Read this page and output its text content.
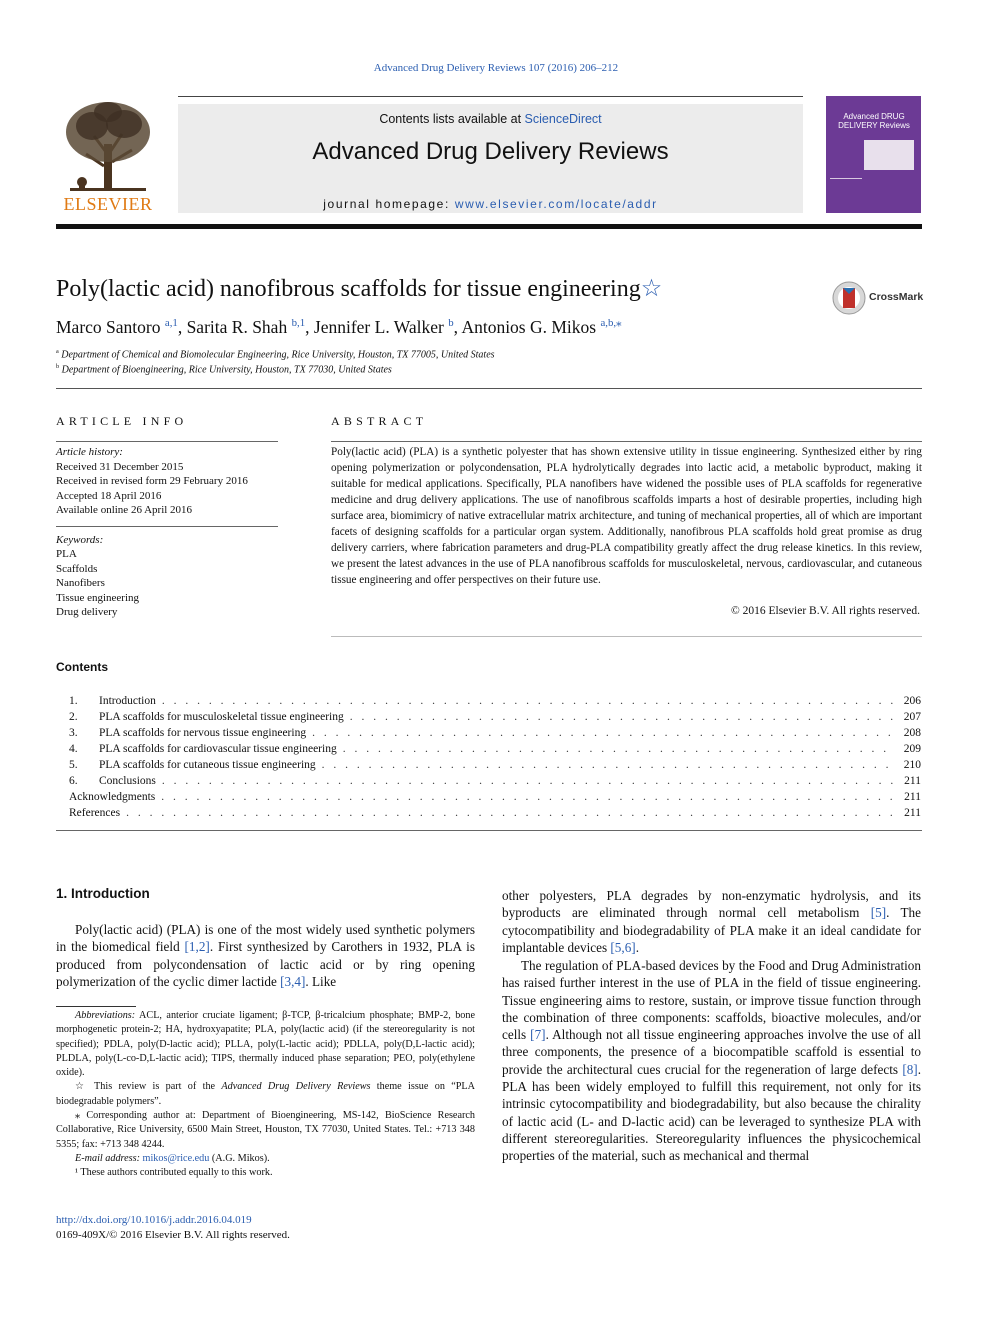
Advanced Drug Delivery Reviews 107 (2016) 206–212
ELSEVIER
Contents lists available at ScienceDirect
Advanced Drug Delivery Reviews
journal homepage: www.elsevier.com/locate/addr
Advanced DRUG DELIVERY Reviews
Poly(lactic acid) nanofibrous scaffolds for tissue engineering☆	CrossMark
Marco Santoro $^{a,1}$, Sarita R. Shah $^{b,1}$, Jennifer L. Walker $^b$, Antonios G. Mikos $^{a,b,⁎}$
$^a$ Department of Chemical and Biomolecular Engineering, Rice University, Houston, TX 77005, United States
$^b$ Department of Bioengineering, Rice University, Houston, TX 77030, United States
ARTICLE INFO
Article history:
Received 31 December 2015
Received in revised form 29 February 2016
Accepted 18 April 2016
Available online 26 April 2016
Keywords:
PLA
Scaffolds
Nanofibers
Tissue engineering
Drug delivery
ABSTRACT
Poly(lactic acid) (PLA) is a synthetic polyester that has shown extensive utility in tissue engineering. Synthesized either by ring opening polymerization or polycondensation, PLA hydrolytically degrades into lactic acid, a metabolic byproduct, making it suitable for medical applications. Specifically, PLA nanofibers have widened the possible uses of PLA scaffolds for regenerative medicine and drug delivery applications. The use of nanofibrous scaffolds imparts a host of desirable properties, including high surface area, biomimicry of native extracellular matrix architecture, and tuning of mechanical properties, all of which are important facets of designing scaffolds for a particular organ system. Additionally, nanofibrous PLA scaffolds hold great promise as drug delivery carriers, where fabrication parameters and drug-PLA compatibility greatly affect the drug release kinetics. In this review, we present the latest advances in the use of PLA nanofibrous scaffolds for musculoskeletal, nervous, cardiovascular, and cutaneous tissue engineering and offer perspectives on their future use.
© 2016 Elsevier B.V. All rights reserved.
Contents
1.	Introduction . . .	206
2.	PLA scaffolds for musculoskeletal tissue engineering . . .	207
3.	PLA scaffolds for nervous tissue engineering . . .	208
4.	PLA scaffolds for cardiovascular tissue engineering . . .	209
5.	PLA scaffolds for cutaneous tissue engineering . . .	210
6.	Conclusions . . .	211
Acknowledgments . . .	211
References . . .	211
1. Introduction
Poly(lactic acid) (PLA) is one of the most widely used synthetic polymers in the biomedical field [1,2]. First synthesized by Carothers in 1932, PLA is produced from polycondensation of lactic acid or by ring opening polymerization of the cyclic dimer lactide [3,4]. Like
other polyesters, PLA degrades by non-enzymatic hydrolysis, and its byproducts are eliminated through normal cell metabolism [5]. The cytocompatibility and biodegradability of PLA make it an ideal candidate for implantable devices [5,6].
The regulation of PLA-based devices by the Food and Drug Administration has raised further interest in the use of PLA in the field of tissue engineering. Tissue engineering aims to restore, sustain, or improve tissue function through the combination of three components: scaffolds, bioactive molecules, and/or cells [7]. Although not all tissue engineering approaches involve the use of all three components, the presence of a biocompatible scaffold is essential to provide the architectural cues crucial for the regeneration of large defects [8]. PLA has been widely employed to fulfill this requirement, not only for its intrinsic cytocompatibility and biodegradability, but also because the chirality of lactic acid (L- and D-lactic acid) can be leveraged to synthesize PLA with different stereoregularities. Stereoregularity influences the physicochemical properties of the material, such as mechanical and thermal

Abbreviations: ACL, anterior cruciate ligament; β-TCP, β-tricalcium phosphate; BMP-2, bone morphogenetic protein-2; HA, hydroxyapatite; PLA, poly(lactic acid) (if the stereoregularity is not specified); PDLA, poly(D-lactic acid); PLLA, poly(L-lactic acid); PDLLA, poly(D,L-lactic acid); PLDLA, poly(L-co-D,L-lactic acid); TIPS, thermally induced phase separation; PEO, poly(ethylene oxide).

☆ This review is part of the Advanced Drug Delivery Reviews theme issue on “PLA biodegradable polymers”.

⁎ Corresponding author at: Department of Bioengineering, MS-142, BioScience Research Collaborative, Rice University, 6500 Main Street, Houston, TX 77030, United States. Tel.: +713 348 5355; fax: +713 348 4244.

E-mail address: mikos@rice.edu (A.G. Mikos).

¹ These authors contributed equally to this work.

http://dx.doi.org/10.1016/j.addr.2016.04.019
0169-409X/© 2016 Elsevier B.V. All rights reserved.
